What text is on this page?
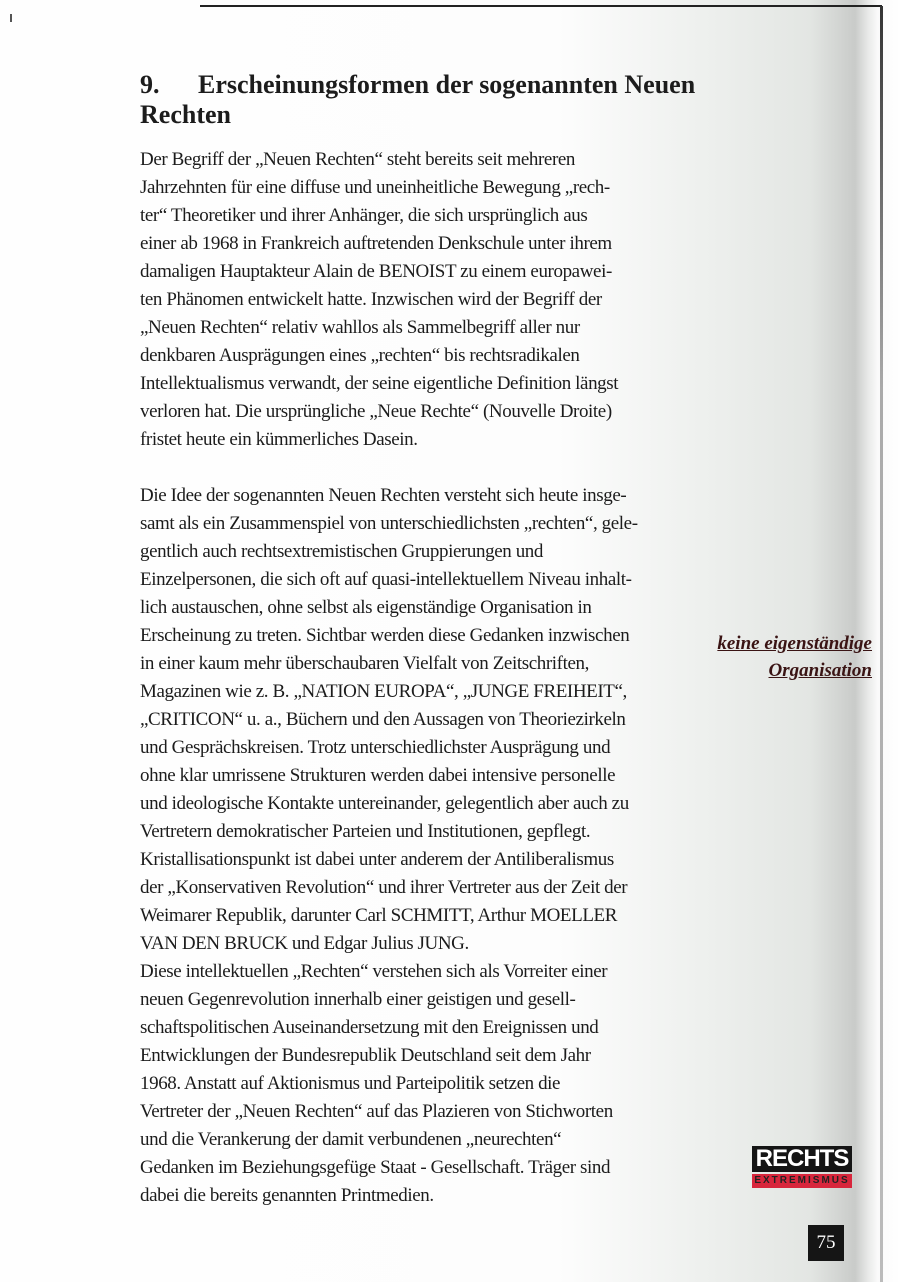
9. Erscheinungsformen der sogenannten Neuen
Rechten
Der Begriff der „Neuen Rechten“ steht bereits seit mehreren
Jahrzehnten für eine diffuse und uneinheitliche Bewegung „rech-
ter“ Theoretiker und ihrer Anhänger, die sich ursprünglich aus
einer ab 1968 in Frankreich auftretenden Denkschule unter ihrem
damaligen Hauptakteur Alain de BENOIST zu einem europawei-
ten Phänomen entwickelt hatte. Inzwischen wird der Begriff der
„Neuen Rechten“ relativ wahllos als Sammelbegriff aller nur
denkbaren Ausprägungen eines „rechten“ bis rechtsradikalen
Intellektualismus verwandt, der seine eigentliche Definition längst
verloren hat. Die ursprüngliche „Neue Rechte“ (Nouvelle Droite)
fristet heute ein kümmerliches Dasein.
Die Idee der sogenannten Neuen Rechten versteht sich heute insge-
samt als ein Zusammenspiel von unterschiedlichsten „rechten“, gele-
gentlich auch rechtsextremistischen Gruppierungen und
Einzelpersonen, die sich oft auf quasi-intellektuellem Niveau inhalt-
lich austauschen, ohne selbst als eigenständige Organisation in
Erscheinung zu treten. Sichtbar werden diese Gedanken inzwischen
in einer kaum mehr überschaubaren Vielfalt von Zeitschriften,
Magazinen wie z. B. „NATION EUROPA“, „JUNGE FREIHEIT“,
„CRITICON“ u. a., Büchern und den Aussagen von Theoriezirkeln
und Gesprächskreisen. Trotz unterschiedlichster Ausprägung und
ohne klar umrissene Strukturen werden dabei intensive personelle
und ideologische Kontakte untereinander, gelegentlich aber auch zu
Vertretern demokratischer Parteien und Institutionen, gepflegt.
Kristallisationspunkt ist dabei unter anderem der Antiliberalismus
der „Konservativen Revolution“ und ihrer Vertreter aus der Zeit der
Weimarer Republik, darunter Carl SCHMITT, Arthur MOELLER
VAN DEN BRUCK und Edgar Julius JUNG.
Diese intellektuellen „Rechten“ verstehen sich als Vorreiter einer
neuen Gegenrevolution innerhalb einer geistigen und gesell-
schaftspolitischen Auseinandersetzung mit den Ereignissen und
Entwicklungen der Bundesrepublik Deutschland seit dem Jahr
1968. Anstatt auf Aktionismus und Parteipolitik setzen die
Vertreter der „Neuen Rechten“ auf das Plazieren von Stichworten
und die Verankerung der damit verbundenen „neurechten“
Gedanken im Beziehungsgefüge Staat - Gesellschaft. Träger sind
dabei die bereits genannten Printmedien.
keine eigenständige
Organisation
RECHTS
EXTREMISMUS
75
